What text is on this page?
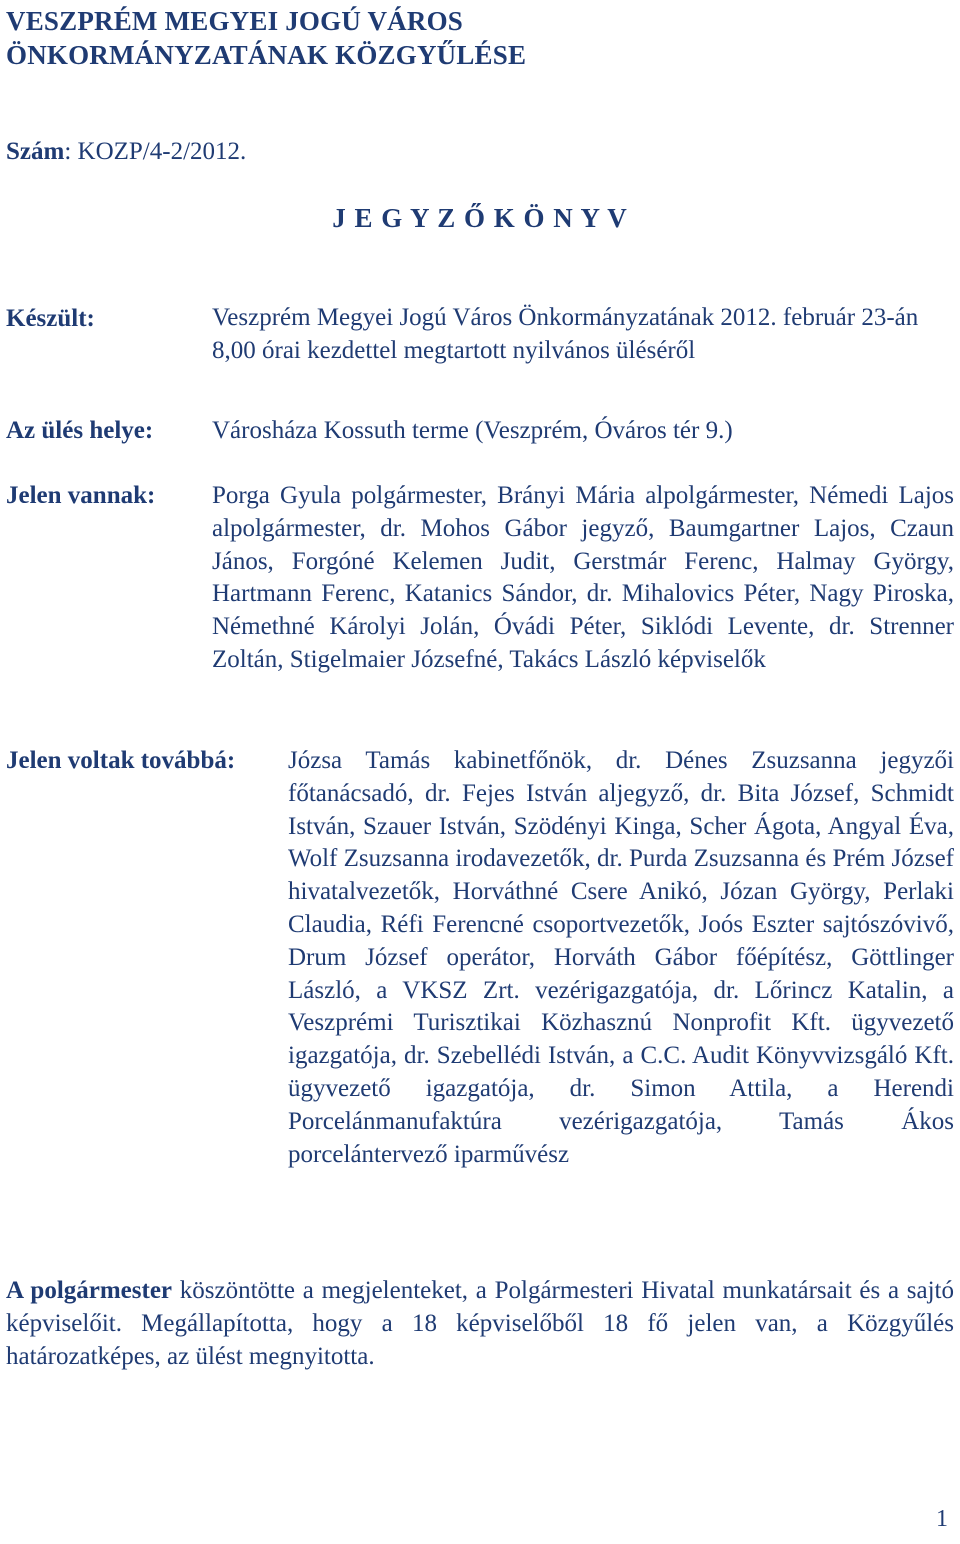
VESZPRÉM MEGYEI JOGÚ VÁROS
ÖNKORMÁNYZATÁNAK KÖZGYŰLÉSE
Szám: KOZP/4-2/2012.
J E G Y Z Ő K Ö N Y V
Készült:	Veszprém Megyei Jogú Város Önkormányzatának 2012. február 23-án 8,00 órai kezdettel megtartott nyilvános üléséről
Az ülés helye: Városháza Kossuth terme (Veszprém, Óváros tér 9.)
Jelen vannak: Porga Gyula polgármester, Brányi Mária alpolgármester, Némedi Lajos alpolgármester, dr. Mohos Gábor jegyző, Baumgartner Lajos, Czaun János, Forgóné Kelemen Judit, Gerstmár Ferenc, Halmay György, Hartmann Ferenc, Katanics Sándor, dr. Mihalovics Péter, Nagy Piroska, Némethné Károlyi Jolán, Óvádi Péter, Siklódi Levente, dr. Strenner Zoltán, Stigelmaier Józsefné, Takács László képviselők
Jelen voltak továbbá: Józsa Tamás kabinetfőnök, dr. Dénes Zsuzsanna jegyzői főtanácsadó, dr. Fejes István aljegyző, dr. Bita József, Schmidt István, Szauer István, Szödényi Kinga, Scher Ágota, Angyal Éva, Wolf Zsuzsanna irodavezetők, dr. Purda Zsuzsanna és Prém József hivatalvezetők, Horváthné Csere Anikó, Józan György, Perlaki Claudia, Réfi Ferencné csoportvezetők, Joós Eszter sajtószóvivő, Drum József operátor, Horváth Gábor főépítész, Göttlinger László, a VKSZ Zrt. vezérigazgatója, dr. Lőrincz Katalin, a Veszprémi Turisztikai Közhasznú Nonprofit Kft. ügyvezető igazgatója, dr. Szebellédi István, a C.C. Audit Könyvvizsgáló Kft. ügyvezető igazgatója, dr. Simon Attila, a Herendi Porcelánmanufaktúra vezérigazgatója, Tamás Ákos porcelántervező iparművész
A polgármester köszöntötte a megjelenteket, a Polgármesteri Hivatal munkatársait és a sajtó képviselőit. Megállapította, hogy a 18 képviselőből 18 fő jelen van, a Közgyűlés határozatképes, az ülést megnyitotta.
1
